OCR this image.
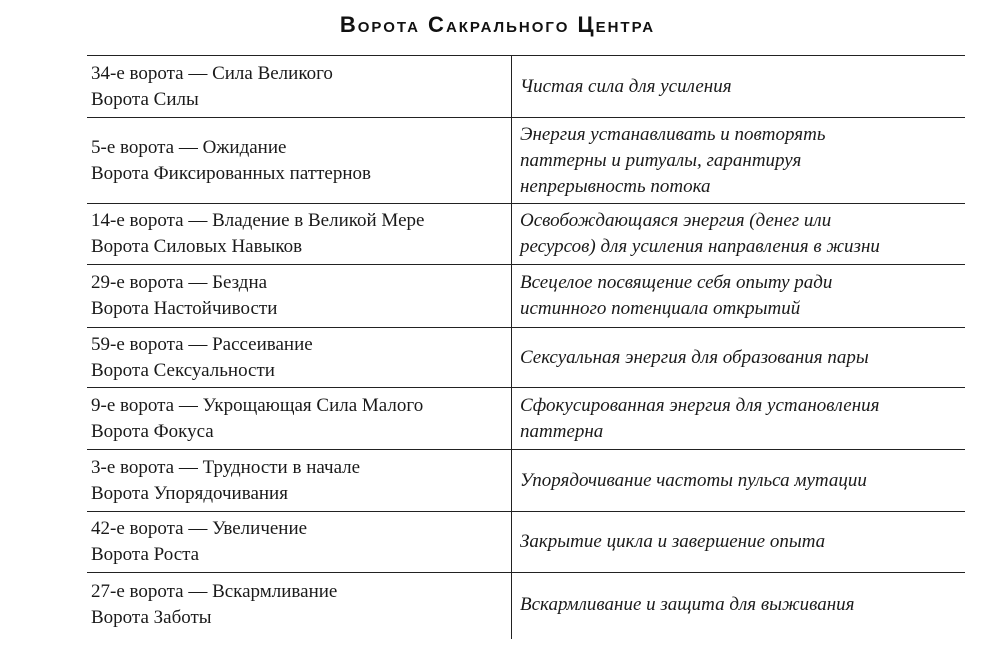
Ворота Сакрального Центра
34-е ворота — Сила Великого
Ворота Силы
Чистая сила для усиления
5-е ворота — Ожидание
Ворота Фиксированных паттернов
Энергия устанавливать и повторять
паттерны и ритуалы, гарантируя
непрерывность потока
14-е ворота — Владение в Великой Мере
Ворота Силовых Навыков
Освобождающаяся энергия (денег или
ресурсов) для усиления направления в жизни
29-е ворота — Бездна
Ворота Настойчивости
Всецелое посвящение себя опыту ради
истинного потенциала открытий
59-е ворота — Рассеивание
Ворота Сексуальности
Сексуальная энергия для образования пары
9-е ворота — Укрощающая Сила Малого
Ворота Фокуса
Сфокусированная энергия для установления
паттерна
3-е ворота — Трудности в начале
Ворота Упорядочивания
Упорядочивание частоты пульса мутации
42-е ворота — Увеличение
Ворота Роста
Закрытие цикла и завершение опыта
27-е ворота — Вскармливание
Ворота Заботы
Вскармливание и защита для выживания
